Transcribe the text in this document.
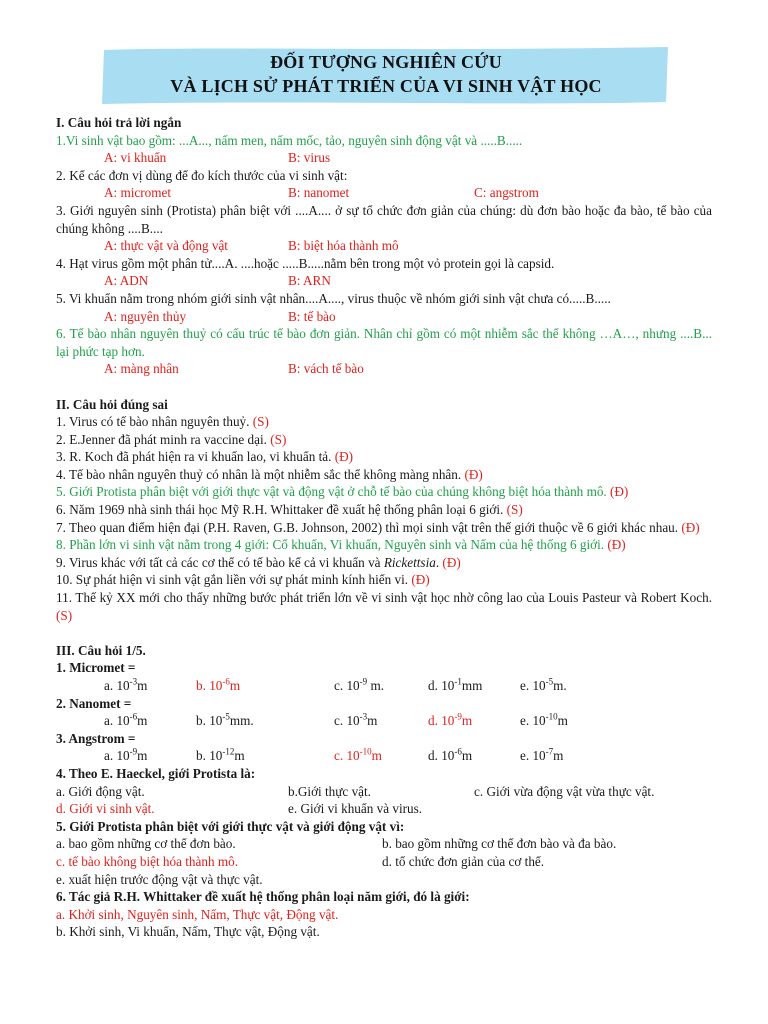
ĐỐI TƯỢNG NGHIÊN CỨU
VÀ LỊCH SỬ PHÁT TRIỂN CỦA VI SINH VẬT HỌC
I. Câu hỏi trả lời ngắn
1.Vi sinh vật bao gồm: ...A..., nấm men, nấm mốc, tảo, nguyên sinh động vật và .....B.....
A: vi khuẩn	B: virus
2. Kể các đơn vị dùng để đo kích thước của vi sinh vật:
A: micromet	B: nanomet	C: angstrom
3. Giới nguyên sinh (Protista) phân biệt với ....A.... ở sự tổ chức đơn giản của chúng: dù đơn bào hoặc đa bào, tế bào của chúng không ....B....
A: thực vật và động vật	B: biệt hóa thành mô
4. Hạt virus gồm một phân tử....A. ....hoặc .....B.....nằm bên trong một vỏ protein gọi là capsid.
A: ADN	B: ARN
5. Vi khuẩn nằm trong nhóm giới sinh vật nhân....A...., virus thuộc về nhóm giới sinh vật chưa có.....B.....
A: nguyên thủy	B: tế bào
6. Tế bào nhân nguyên thuỷ có cấu trúc tế bào đơn giản. Nhân chỉ gồm có một nhiễm sắc thể không …A…, nhưng ....B... lại phức tạp hơn.
A: màng nhân	B: vách tế bào
II. Câu hỏi đúng sai
1. Virus có tế bào nhân nguyên thuỷ. (S)
2. E.Jenner đã phát minh ra vaccine dại. (S)
3. R. Koch đã phát hiện ra vi khuẩn lao, vi khuẩn tả. (Đ)
4. Tế bào nhân nguyên thuỷ có nhân là một nhiễm sắc thể không màng nhân. (Đ)
5. Giới Protista phân biệt với giới thực vật và động vật ở chỗ tế bào của chúng không biệt hóa thành mô. (Đ)
6. Năm 1969 nhà sinh thái học Mỹ R.H. Whittaker đề xuất hệ thống phân loại 6 giới. (S)
7. Theo quan điểm hiện đại (P.H. Raven, G.B. Johnson, 2002) thì mọi sinh vật trên thế giới thuộc về 6 giới khác nhau. (Đ)
8. Phần lớn vi sinh vật nằm trong 4 giới: Cổ khuẩn, Vi khuẩn, Nguyên sinh và Nấm của hệ thống 6 giới. (Đ)
9. Virus khác với tất cả các cơ thể có tế bào kể cả vi khuẩn và Rickettsia. (Đ)
10. Sự phát hiện vi sinh vật gắn liền với sự phát minh kính hiển vi. (Đ)
11. Thế kỷ XX mới cho thấy những bước phát triển lớn về vi sinh vật học nhờ công lao của Louis Pasteur và Robert Koch. (S)
III. Câu hỏi 1/5.
1. Micromet =
a. $10^{-3}m$	b. $10^{-6}m$	c. $10^{-9}$ m.	d. $10^{-1}mm$	e. $10^{-5}m$.
2. Nanomet =
a. $10^{-6}m$	b. $10^{-5}mm$.	c. $10^{-3}m$	d. $10^{-9}m$	e. $10^{-10}m$
3. Angstrom =
a. $10^{-9}m$	b. $10^{-12}m$	c. $10^{-10}m$	d. $10^{-6}m$	e. $10^{-7}m$
4. Theo E. Haeckel, giới Protista là:
a. Giới động vật.	b.Giới thực vật.	c. Giới vừa động vật vừa thực vật.
d. Giới vi sinh vật.	e. Giới vi khuẩn và virus.
5. Giới Protista phân biệt với giới thực vật và giới động vật vì:
a. bao gồm những cơ thể đơn bào.	b. bao gồm những cơ thể đơn bào và đa bào.
c. tế bào không biệt hóa thành mô.	d. tổ chức đơn giản của cơ thể.
e. xuất hiện trước động vật và thực vật.
6. Tác giả R.H. Whittaker đề xuất hệ thống phân loại năm giới, đó là giới:
a. Khởi sinh, Nguyên sinh, Nấm, Thực vật, Động vật.
b. Khởi sinh, Vi khuẩn, Nấm, Thực vật, Động vật.
